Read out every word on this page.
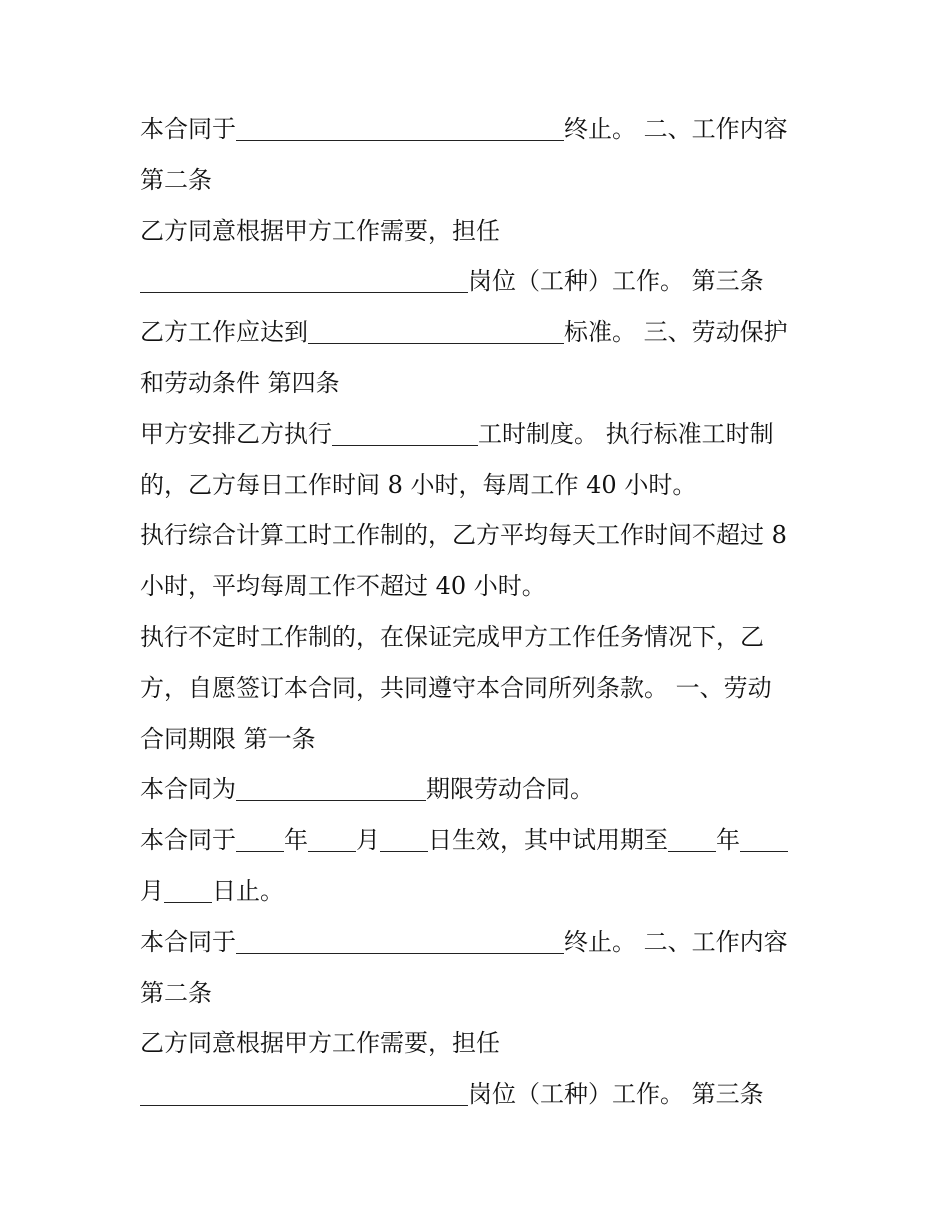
本合同于	终止。 二、工作内容
第二条
乙方同意根据甲方工作需要，担任
岗位（工种）工作。 第三条
乙方工作应达到	标准。 三、劳动保护
和劳动条件 第四条
甲方安排乙方执行	工时制度。 执行标准工时制
的，乙方每日工作时间 8 小时，每周工作 40 小时。
执行综合计算工时工作制的，乙方平均每天工作时间不超过 8
小时，平均每周工作不超过 40 小时。
执行不定时工作制的，在保证完成甲方工作任务情况下，乙
方，自愿签订本合同，共同遵守本合同所列条款。 一、劳动
合同期限 第一条
本合同为	期限劳动合同。
本合同于 年 月 日生效，其中试用期至 年
月 日止。
本合同于	终止。 二、工作内容
第二条
乙方同意根据甲方工作需要，担任
岗位（工种）工作。 第三条
